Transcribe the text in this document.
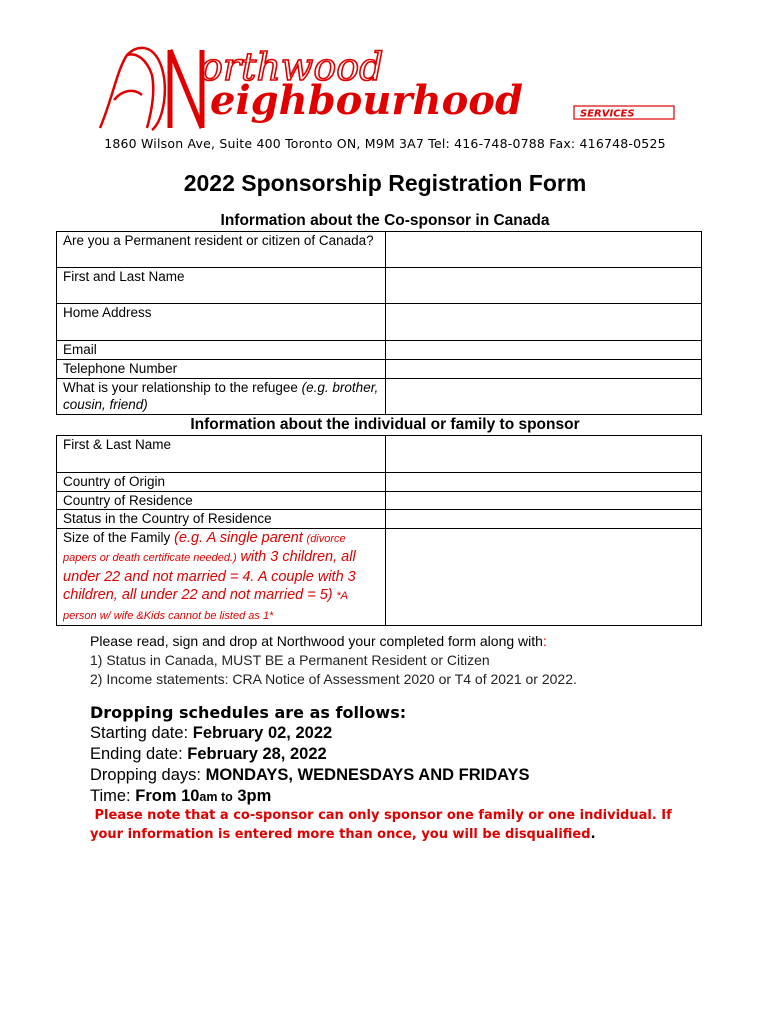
orthwood
eighbourhood	SERVICES
1860 Wilson Ave, Suite 400 Toronto ON, M9M 3A7 Tel: 416-748-0788 Fax: 416748-0525
2022 Sponsorship Registration Form
Information about the Co-sponsor in Canada
Are you a Permanent resident or citizen of Canada?	
First and Last Name	
Home Address	
Email	
Telephone Number	
What is your relationship to the refugee (e.g. brother, cousin, friend)	
Information about the individual or family to sponsor
First & Last Name	
Country of Origin	
Country of Residence	
Status in the Country of Residence	
Size of the Family (e.g. A single parent (divorce papers or death certificate needed.) with 3 children, all under 22 and not married = 4. A couple with 3 children, all under 22 and not married = 5) *A person w/ wife &Kids cannot be listed as 1*	
Please read, sign and drop at Northwood your completed form along with:
1) Status in Canada, MUST BE a Permanent Resident or Citizen
2) Income statements: CRA Notice of Assessment 2020 or T4 of 2021 or 2022.
Dropping schedules are as follows:
Starting date: February 02, 2022
Ending date: February 28, 2022
Dropping days: MONDAYS, WEDNESDAYS AND FRIDAYS
Time: From 10am to 3pm
Please note that a co-sponsor can only sponsor one family or one individual. If your information is entered more than once, you will be disqualified.
